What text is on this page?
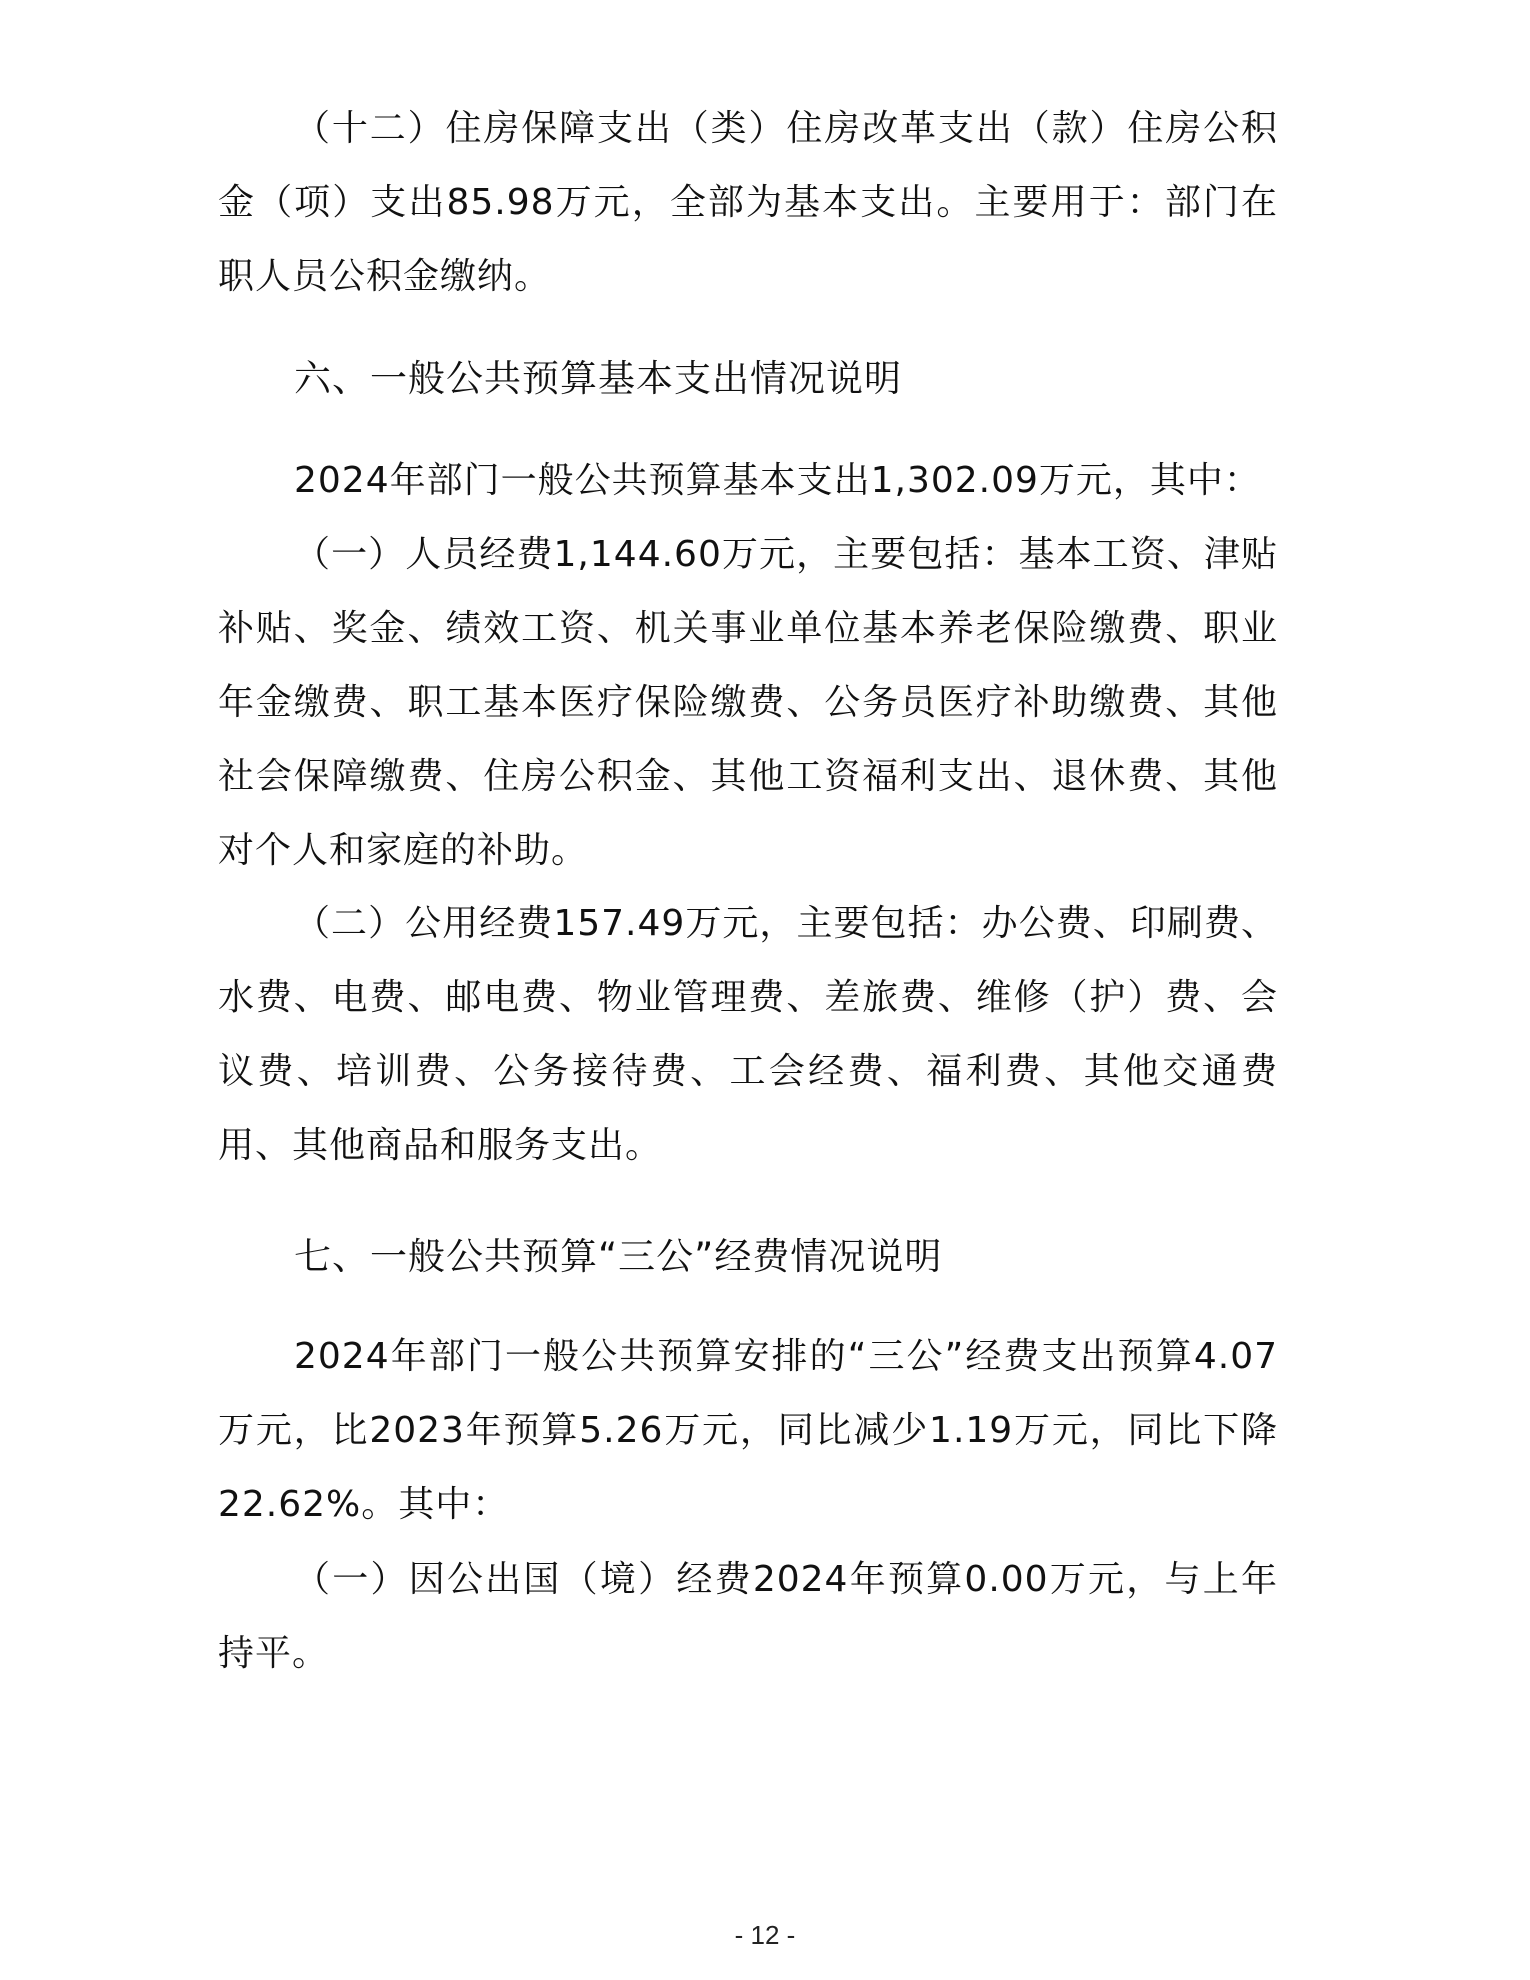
（十二）住房保障支出（类）住房改革支出（款）住房公积金（项）支出85.98万元，全部为基本支出。主要用于：部门在职人员公积金缴纳。

六、一般公共预算基本支出情况说明

2024年部门一般公共预算基本支出1,302.09万元，其中：

（一）人员经费1,144.60万元，主要包括：基本工资、津贴补贴、奖金、绩效工资、机关事业单位基本养老保险缴费、职业年金缴费、职工基本医疗保险缴费、公务员医疗补助缴费、其他社会保障缴费、住房公积金、其他工资福利支出、退休费、其他对个人和家庭的补助。

（二）公用经费157.49万元，主要包括：办公费、印刷费、水费、电费、邮电费、物业管理费、差旅费、维修（护）费、会议费、培训费、公务接待费、工会经费、福利费、其他交通费用、其他商品和服务支出。

七、一般公共预算“三公”经费情况说明

2024年部门一般公共预算安排的“三公”经费支出预算4.07万元，比2023年预算5.26万元，同比减少1.19万元，同比下降22.62%。其中：

（一）因公出国（境）经费2024年预算0.00万元，与上年持平。

- 12 -
